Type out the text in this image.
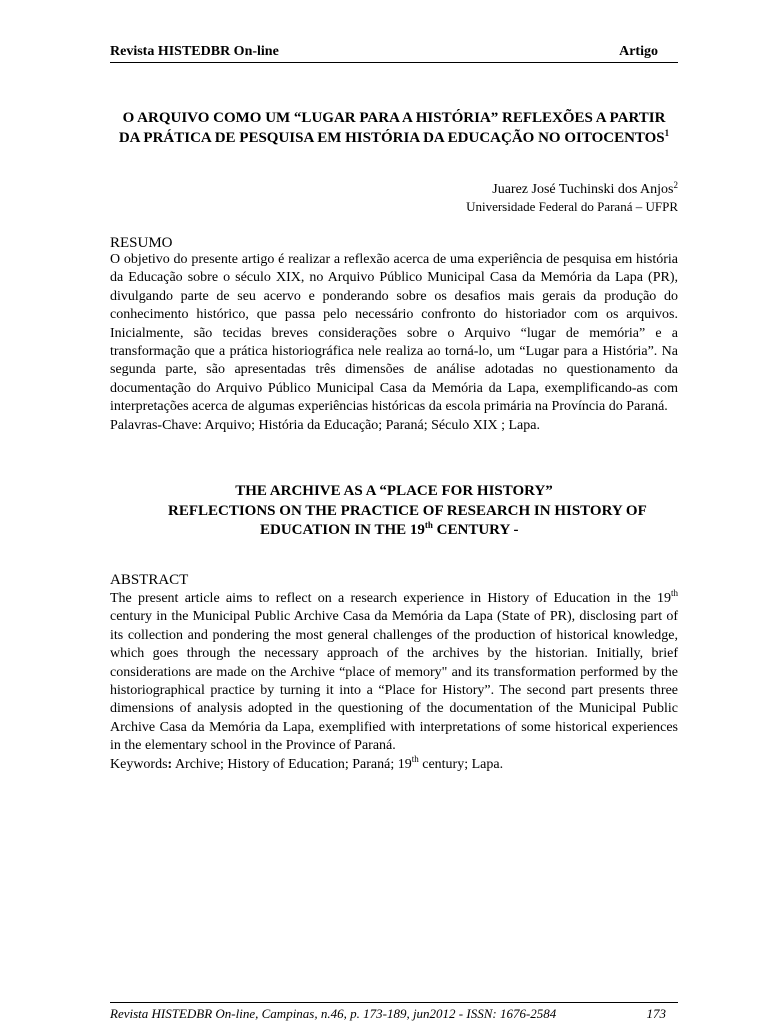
Revista HISTEDBR On-line	Artigo
O ARQUIVO COMO UM “LUGAR PARA A HISTÓRIA” REFLEXÕES A PARTIR DA PRÁTICA DE PESQUISA EM HISTÓRIA DA EDUCAÇÃO NO OITOCENTOS$^1$
Juarez José Tuchinski dos Anjos$^2$
Universidade Federal do Paraná – UFPR
RESUMO

O objetivo do presente artigo é realizar a reflexão acerca de uma experiência de pesquisa em história da Educação sobre o século XIX, no Arquivo Público Municipal Casa da Memória da Lapa (PR), divulgando parte de seu acervo e ponderando sobre os desafios mais gerais da produção do conhecimento histórico, que passa pelo necessário confronto do historiador com os arquivos. Inicialmente, são tecidas breves considerações sobre o Arquivo “lugar de memória” e a transformação que a prática historiográfica nele realiza ao torná-lo, um “Lugar para a História”. Na segunda parte, são apresentadas três dimensões de análise adotadas no questionamento da documentação do Arquivo Público Municipal Casa da Memória da Lapa, exemplificando-as com interpretações acerca de algumas experiências históricas da escola primária na Província do Paraná.

Palavras-Chave: Arquivo; História da Educação; Paraná; Século XIX ; Lapa.

THE ARCHIVE AS A “PLACE FOR HISTORY”
REFLECTIONS ON THE PRACTICE OF RESEARCH IN HISTORY OF
EDUCATION IN THE 19th CENTURY -
ABSTRACT

The present article aims to reflect on a research experience in History of Education in the 19th century in the Municipal Public Archive Casa da Memória da Lapa (State of PR), disclosing part of its collection and pondering the most general challenges of the production of historical knowledge, which goes through the necessary approach of the archives by the historian. Initially, brief considerations are made on the Archive “place of memory" and its transformation performed by the historiographical practice by turning it into a “Place for History”. The second part presents three dimensions of analysis adopted in the questioning of the documentation of the Municipal Public Archive Casa da Memória da Lapa, exemplified with interpretations of some historical experiences in the elementary school in the Province of Paraná.

Keywords: Archive; History of Education; Paraná; 19th century; Lapa.

Revista HISTEDBR On-line, Campinas, n.46, p. 173-189, jun2012 - ISSN: 1676-2584	173
